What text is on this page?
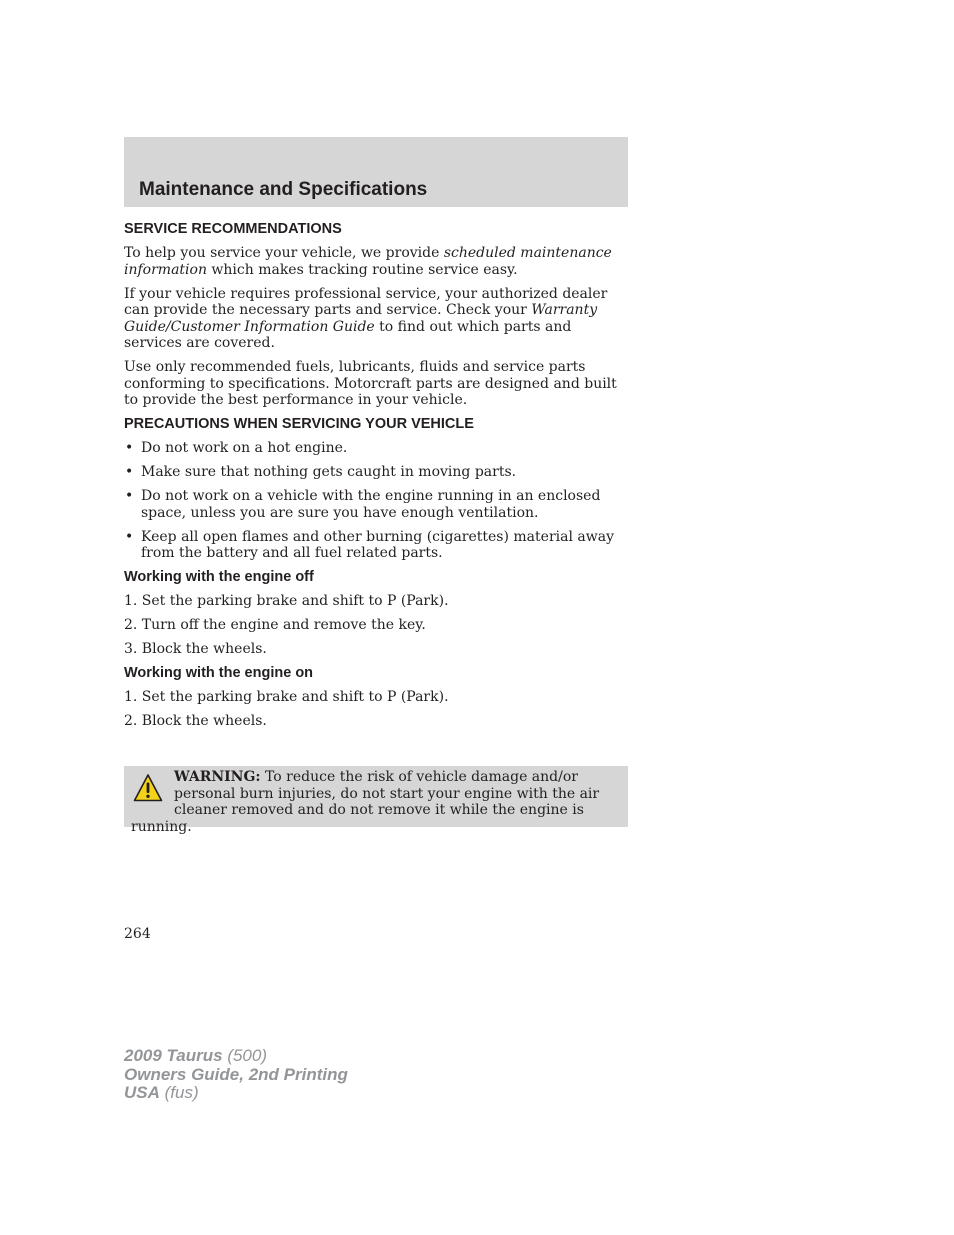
Maintenance and Specifications
SERVICE RECOMMENDATIONS

To help you service your vehicle, we provide scheduled maintenance information which makes tracking routine service easy.

If your vehicle requires professional service, your authorized dealer can provide the necessary parts and service. Check your Warranty Guide/Customer Information Guide to find out which parts and services are covered.

Use only recommended fuels, lubricants, fluids and service parts conforming to specifications. Motorcraft parts are designed and built to provide the best performance in your vehicle.

PRECAUTIONS WHEN SERVICING YOUR VEHICLE
• Do not work on a hot engine.
• Make sure that nothing gets caught in moving parts.
• Do not work on a vehicle with the engine running in an enclosed space, unless you are sure you have enough ventilation.
• Keep all open flames and other burning (cigarettes) material away from the battery and all fuel related parts.
Working with the engine off
1. Set the parking brake and shift to P (Park).
2. Turn off the engine and remove the key.
3. Block the wheels.
Working with the engine on
1. Set the parking brake and shift to P (Park).
2. Block the wheels.
WARNING: To reduce the risk of vehicle damage and/or personal burn injuries, do not start your engine with the air cleaner removed and do not remove it while the engine is running.
264
2009 Taurus (500)
Owners Guide, 2nd Printing
USA (fus)
